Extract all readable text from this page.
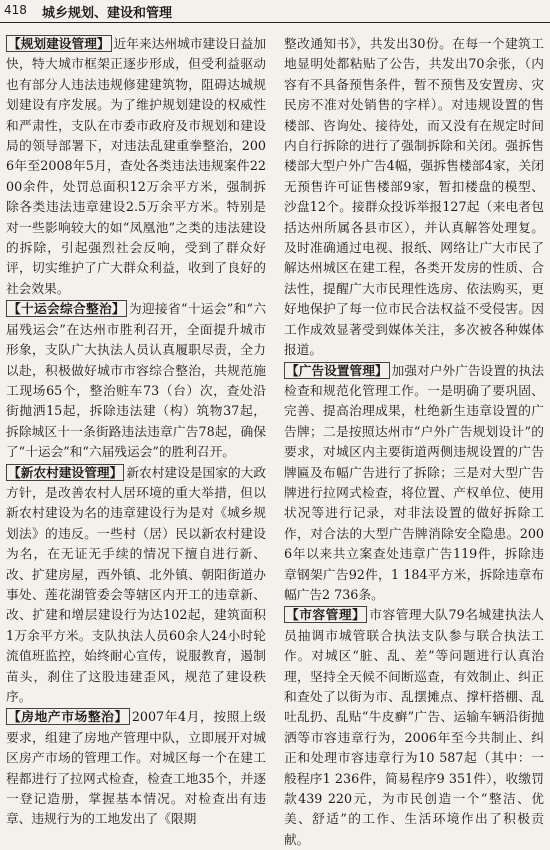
418 城乡规划、建设和管理

【规划建设管理】 近年来达州城市建设日益加快，特大城市框架正逐步形成，但受利益驱动也有部分人违法违规修建建筑物，阻碍达城规划建设有序发展。为了维护规划建设的权威性和严肃性，支队在市委市政府及市规划和建设局的领导部署下，对违法乱建重拳整治，2006年至2008年5月，查处各类违法违规案件2200余件，处罚总面积12万余平方米，强制拆除各类违法违章建设2.5万余平方米。特别是对一些影响较大的如“凤凰池”之类的违法建设的拆除，引起强烈社会反响，受到了群众好评，切实维护了广大群众利益，收到了良好的社会效果。

【十运会综合整治】 为迎接省“十运会”和“六届残运会”在达州市胜利召开，全面提升城市形象，支队广大执法人员认真履职尽责，全力以赴，积极做好城市市容综合整治，共规范施工现场65个，整治赃车73（台）次，查处沿街抛洒15起，拆除违法建（构）筑物37起，拆除城区十一条街路违法违章广告78起，确保了“十运会”和“六届残运会”的胜利召开。

【新农村建设管理】 新农村建设是国家的大政方针，是改善农村人居环境的重大举措，但以新农村建设为名的违章建设行为是对《城乡规划法》的违反。一些村（居）民以新农村建设为名，在无证无手续的情况下擅自进行新、改、扩建房屋，西外镇、北外镇、朝阳街道办事处、莲花湖管委会等辖区内开工的违章新、改、扩建和增层建设行为达102起，建筑面积1万余平方米。支队执法人员60余人24小时轮流值班监控，始终耐心宣传，说服教育，遏制苗头，刹住了这股违建歪风，规范了建设秩序。

【房地产市场整治】 2007年4月，按照上级要求，组建了房地产管理中队，立即展开对城区房产市场的管理工作。对城区每一个在建工程都进行了拉网式检查，检查工地35个，并逐一登记造册，掌握基本情况。对检查出有违章、违规行为的工地发出了《限期

整改通知书》，共发出30份。在每一个建筑工地显明处都粘贴了公告，共发出70余张，（内容有不具备预售条件，暂不预售及安置房、灾民房不准对处销售的字样）。对违规设置的售楼部、咨询处、接待处，而又没有在规定时间内自行拆除的进行了强制拆除和关闭。强拆售楼部大型户外广告4幅，强拆售楼部4家，关闭无预售许可证售楼部9家，暂扣楼盘的模型、沙盘12个。接群众投诉举报127起（来电者包括达州所属各县市区），并认真解答处理复。及时准确通过电视、报纸、网络让广大市民了解达州城区在建工程，各类开发房的性质、合法性，提醒广大市民理性选房、依法购买，更好地保护了每一位市民合法权益不受侵害。因工作成效显著受到媒体关注，多次被各种媒体报道。

【广告设置管理】 加强对户外广告设置的执法检查和规范化管理工作。一是明确了要巩固、完善、提高治理成果，杜绝新生违章设置的广告牌；二是按照达州市“户外广告规划设计”的要求，对城区内主要街道两侧违规设置的广告牌匾及布幅广告进行了拆除；三是对大型广告牌进行拉网式检查，将位置、产权单位、使用状况等进行记录，对非法设置的做好拆除工作，对合法的大型广告牌消除安全隐患。2006年以来共立案查处违章广告119件，拆除违章钢架广告92件，1 184平方米，拆除违章布幅广告2 736条。

【市容管理】 市容管理大队79名城建执法人员抽调市城管联合执法支队参与联合执法工作。对城区“脏、乱、差”等问题进行认真治理，坚持全天候不间断巡查，有效制止、纠正和查处了以街为市、乱摆摊点、撑杆搭棚、乱吐乱扔、乱贴“牛皮癣”广告、运输车辆沿街抛洒等市容违章行为，2006年至今共制止、纠正和处理市容违章行为10 587起（其中：一般程序1 236件，简易程序9 351件），收缴罚款439 220元，为市民创造一个“整洁、优美、舒适”的工作、生活环境作出了积极贡献。
